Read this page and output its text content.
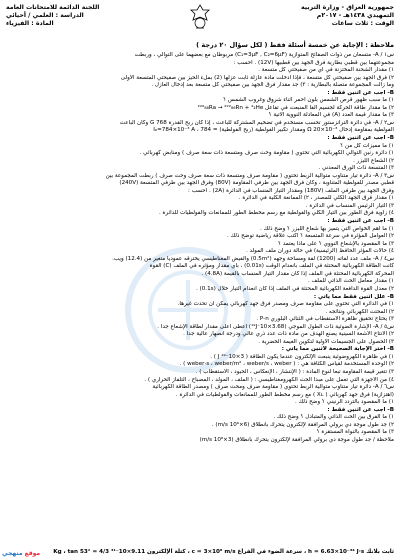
جمهورية العراق - وزارة التربية
التمهيدي ١٤٣٨هـ - ٢٠١٧م
الوقت : ثلاث ساعات
اللجنة الدائمة للامتحانات العامة
الدراسة : العلمي / أحيائي
المادة : الفيزياء
ملاحظة : الإجابة عن خمسة أسئلة فقط ( لكل سؤال ٢٠ درجة )

س١ / A- متسعان من ذوات الصفائح المتوازية (C₁=3μF , C₂=6μF) مربوطان مع بعضهما على التوالي ، وربطت

مجموعتهما بين قطبي بطارية فرق الجهد بين قطبيها (12V) . احسب :

١) مقدار الشحنة المختزنة في أي من صفيحتي كل متسعة .

٢) فرق الجهد بين صفيحتي كل متسعة ، فإذا أدخلت مادة عازلة ثابت عزلها (2) بملء الحيز بين صفيحتي المتسعة الأولى

وما زالت المجموعة متصلة بالبطارية : ٣) جد مقدار فرق الجهد بين صفيحتي كل متسعة بعد إدخال العازل .

B- أجب عن اثنين فقط :

١) ما سبب ظهور قرص الشمس بلون أحمر أثناء شروق وغروب الشمس ؟

٢) ما مقدار طاقة الحركة لجسيم ألفا المنبعث في تفاعل ²²⁶₈₈Ra → ²²²₈₆Rn + ⁴₂He

٣) ما مقدار قيمة العدد (A) في المعادلة النووية الآتية ؟

س٢ / A- في دائرة الترانزستور تحسب مستخدم في تضخيم المشتركة للباعث ، إذا كان ربح القدرة 768 G وكان الباعث

الفولطية بمقاومة إدخال Ω 20×10⁻³ ومقدار تكبير الفولطية (ربح الفولطية) = 784 ، Iₐ=784×10⁻³ A

B- أجب عن اثنين فقط :

١) ما مميزات كل من ؟

١) دائرة رنين التوالي الكهربائية التي تحتوي ( مقاومة وحث صرف ومتسعة ذات سعة صرف ) ومنابض كهربائي .

٢) الشعاع الليزر .

٣) المتسعة ذات الورق المعدني .

س٣ / A- دائرة تيار متناوب متوالية الربط تحتوي ( مقاومة صرف ومتسعة ذات سعة صرف وحث صرف ) ربطت المجموعة بين

قطبي مصدر للفولطية المتناوبة ، وكان فرق الجهد بين طرفي المقاومة (80V) وفرق الجهد بين طرفي المتسعة (240V)

وفرق الجهد بين طرفي الملف (180V) ومقدار التيار المنساب في الدائرة (2A) . احسب :

١) مقدار فرق الجهد الكلي للمصدر ، ٢) الممانعة الكلية في الدائرة .

٣) التيار الرئيس المنساب في الدائرة .

٤) زاوية فرق الطور بين التيار الكلي والفولطية مع رسم مخطط الطور للممانعات والفولطيات للدائرة .

B- أجب عن اثنين فقط :

١) ما أهم الخواص التي يتميز بها شعاع الليزر ؟ وضح ذلك .

٢) العوامل المؤثرة في سرعة المتسعة ؟ اكتب علاقة رياضية توضح ذلك .

٣) ما المقصود بالإشعاع النووي ؟ على ماذا يعتمد ؟

٤) حالات المؤثر الحافظ (الرئيسية) في حالة دوران ملف المولد .

س٤ / A- ملف عدد لفاته (1200) لفة ومساحة وجهه (0.5m²) والفيض المغناطيسي يخترقه عمودياً متغير من (12.4) ويب.

كانت الطاقة الكهربائية المحتثة في الملف بانعدام الوقت (0.01s) ، بأي مقدار ومؤثره في الملف (C) القوة

المحركة الكهربائية المحتثة في الملف إذا كان مقدار التيار المنساب بالقيمة (4.8A) .

١) مقدار معامل الحث الذاتي للملف .

٢) معدل القوة الدافعة الكهربائية المحتثة في الملف إذا كان انعدام التيار خلال (0.1s) .

B- علل اثنين فقط مما يأتي :

١) في الدائرة التي تحتوي على مقاومة صرف ومصدر فرق جهد كهربائي يمكن أن تحدث غيرها.

٢) المحتث الكهربائي ونتائجه .

٣) يحتاج تحقيق ظاهرة الاستقطاب في الثنائي البلوري P-n .

س٥ / A- الإشارة الضوئية ذات الطول الموجي (3.68×10⁻¹⁹J) أعطى أعلى مقدار لطاقة الإشعاع جداً .

٢) الانتاج الاشعة السينية يصنع الهدف من مادة ذات عدد ذري عالي ودرجة انصهار عالية جداً .

٣) الحصول على الجسيمات الأولية لتكوين الغيمة الخضرية .

B- اختر الإجابة الصحيحة لاثنين مما يأتي :

١) في ظاهرة الكهروضوئية ينبعث الإلكترون عندما يكون الطاقة ( 3×10⁻¹⁹ J ) .

٢) الوحدة المستخدمة لقياس الكثافة هي : ( weber·s ، weber/m² ، weber/s ، weber ) .

٣) تتغير قيمة المقاومة تبعاً لنوع المادة : ( الإنتشار ، الإنعكاس ، الحيود ، الاستقطاب ) .

٤) من الأجهزة التي تعمل على مبدأ الحث الكهرومغناطيسي : ( الملف ، المولد ، المصباح ، التلفاز الحراري ) .

س٦ / A- دائرة تيار متناوب متوالية الربط تحتوي ( مقاومة صرف ومحث صرف ) ومصدر الطاقة الكهربائية

(اهتزازية) فرق جهد كهربائي ( Xʟ ) مع رسم مخطط الطور للممانعات والفولطيات في الدائرة .

١) ما المقصود بالتردد الرنيني ؟ وضح ذلك .

B- أجب عن اثنين فقط :

١) ما الفرق بين الحث الذاتي والمتبادل ؟ وضح ذلك .

٢) جد طول موجة دي برولي المرافقة لإلكترون يتحرك بانطلاق (6×10⁶ m/s) .

٣) ما المقصود بالنواة المستقرة ؟

ملاحظة / جد طول موجة دي برولي المرافقة لإلكترون يتحرك بانطلاق (3×10⁸ m/s)

ثابت بلانك h = 6.63×10⁻³⁴ J·s ، سرعة الضوء في الفراغ c = 3×10⁸ m/s ، كتلة الإلكترون 9.11×10⁻³¹ Kg ، tan 53° = 4/3
موقع منهجي
